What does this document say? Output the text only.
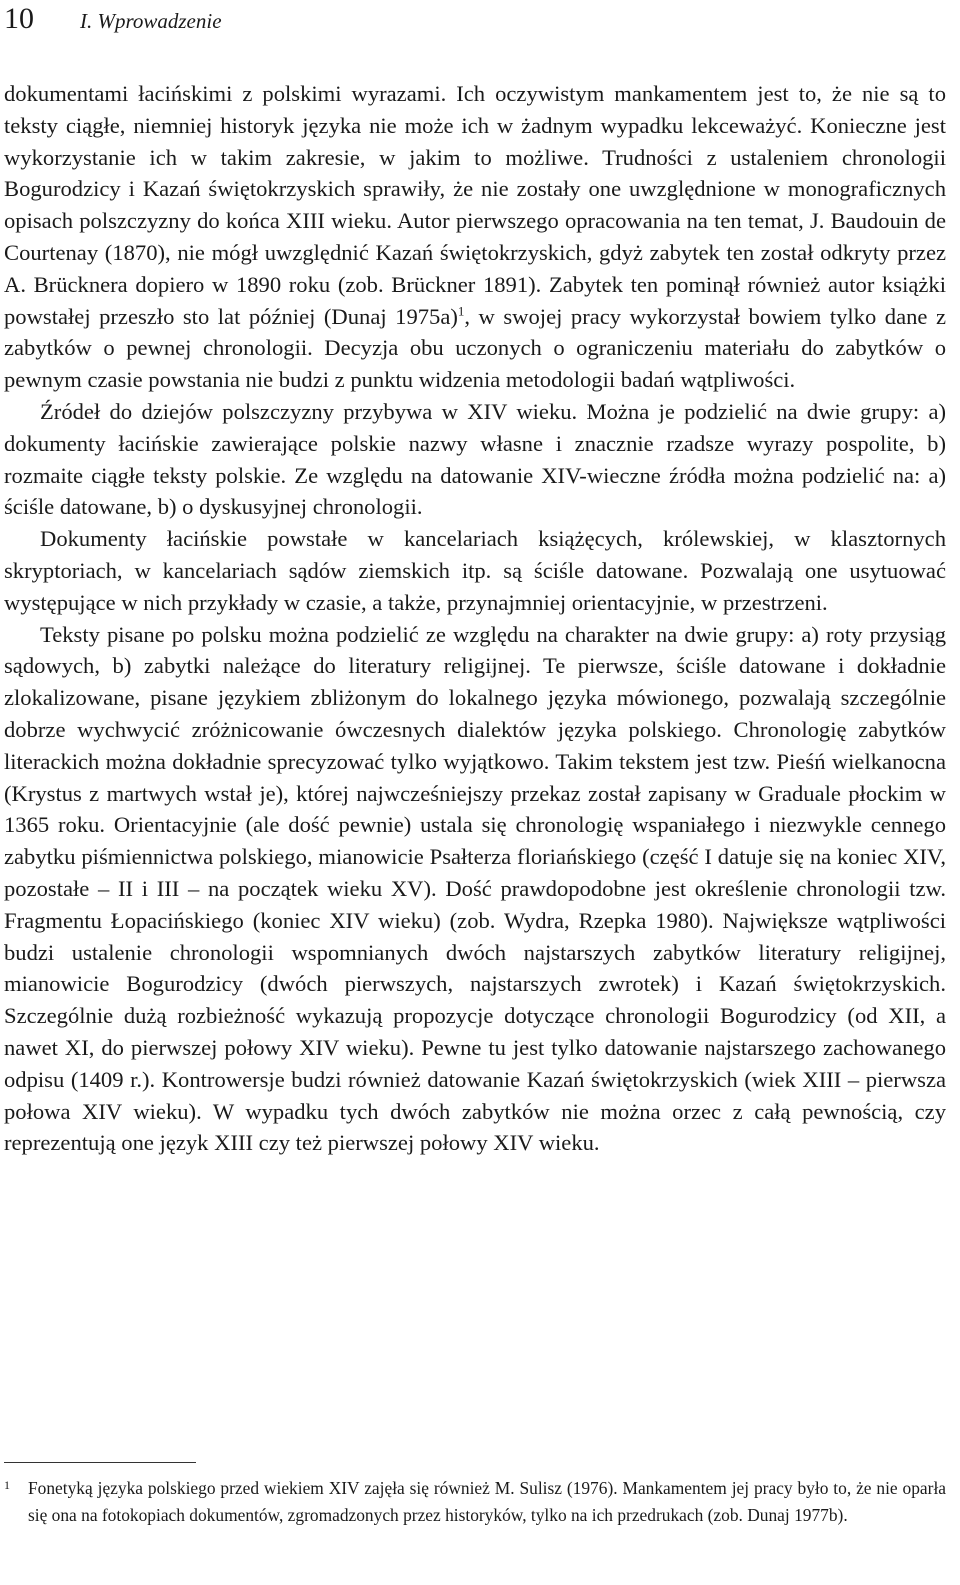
10 I. Wprowadzenie

dokumentami łacińskimi z polskimi wyrazami. Ich oczywistym mankamentem jest to, że nie są to teksty ciągłe, niemniej historyk języka nie może ich w żadnym wypadku lekceważyć. Konieczne jest wykorzystanie ich w takim zakresie, w jakim to możliwe. Trudności z ustaleniem chronologii Bogurodzicy i Kazań świętokrzyskich sprawiły, że nie zostały one uwzględnione w monograficznych opisach polszczyzny do końca XIII wieku. Autor pierwszego opracowania na ten temat, J. Baudouin de Courtenay (1870), nie mógł uwzględnić Kazań świętokrzyskich, gdyż zabytek ten został odkryty przez A. Brücknera dopiero w 1890 roku (zob. Brückner 1891). Zabytek ten pominął również autor książki powstałej przeszło sto lat później (Dunaj 1975a)$^1$, w swojej pracy wykorzystał bowiem tylko dane z zabytków o pewnej chronologii. Decyzja obu uczonych o ograniczeniu materiału do zabytków o pewnym czasie powstania nie budzi z punktu widzenia metodologii badań wątpliwości.

Źródeł do dziejów polszczyzny przybywa w XIV wieku. Można je podzielić na dwie grupy: a) dokumenty łacińskie zawierające polskie nazwy własne i znacznie rzadsze wyrazy pospolite, b) rozmaite ciągłe teksty polskie. Ze względu na datowanie XIV-wieczne źródła można podzielić na: a) ściśle datowane, b) o dyskusyjnej chronologii.

Dokumenty łacińskie powstałe w kancelariach książęcych, królewskiej, w klasztornych skryptoriach, w kancelariach sądów ziemskich itp. są ściśle datowane. Pozwalają one usytuować występujące w nich przykłady w czasie, a także, przynajmniej orientacyjnie, w przestrzeni.

Teksty pisane po polsku można podzielić ze względu na charakter na dwie grupy: a) roty przysiąg sądowych, b) zabytki należące do literatury religijnej. Te pierwsze, ściśle datowane i dokładnie zlokalizowane, pisane językiem zbliżonym do lokalnego języka mówionego, pozwalają szczególnie dobrze wychwycić zróżnicowanie ówczesnych dialektów języka polskiego. Chronologię zabytków literackich można dokładnie sprecyzować tylko wyjątkowo. Takim tekstem jest tzw. Pieśń wielkanocna (Krystus z martwych wstał je), której najwcześniejszy przekaz został zapisany w Graduale płockim w 1365 roku. Orientacyjnie (ale dość pewnie) ustala się chronologię wspaniałego i niezwykle cennego zabytku piśmiennictwa polskiego, mianowicie Psałterza floriańskiego (część I datuje się na koniec XIV, pozostałe – II i III – na początek wieku XV). Dość prawdopodobne jest określenie chronologii tzw. Fragmentu Łopacińskiego (koniec XIV wieku) (zob. Wydra, Rzepka 1980). Największe wątpliwości budzi ustalenie chronologii wspomnianych dwóch najstarszych zabytków literatury religijnej, mianowicie Bogurodzicy (dwóch pierwszych, najstarszych zwrotek) i Kazań świętokrzyskich. Szczególnie dużą rozbieżność wykazują propozycje dotyczące chronologii Bogurodzicy (od XII, a nawet XI, do pierwszej połowy XIV wieku). Pewne tu jest tylko datowanie najstarszego zachowanego odpisu (1409 r.). Kontrowersje budzi również datowanie Kazań świętokrzyskich (wiek XIII – pierwsza połowa XIV wieku). W wypadku tych dwóch zabytków nie można orzec z całą pewnością, czy reprezentują one język XIII czy też pierwszej połowy XIV wieku.

1	Fonetyką języka polskiego przed wiekiem XIV zajęła się również M. Sulisz (1976). Mankamentem jej pracy było to, że nie oparła się ona na fotokopiach dokumentów, zgromadzonych przez historyków, tylko na ich przedrukach (zob. Dunaj 1977b).
